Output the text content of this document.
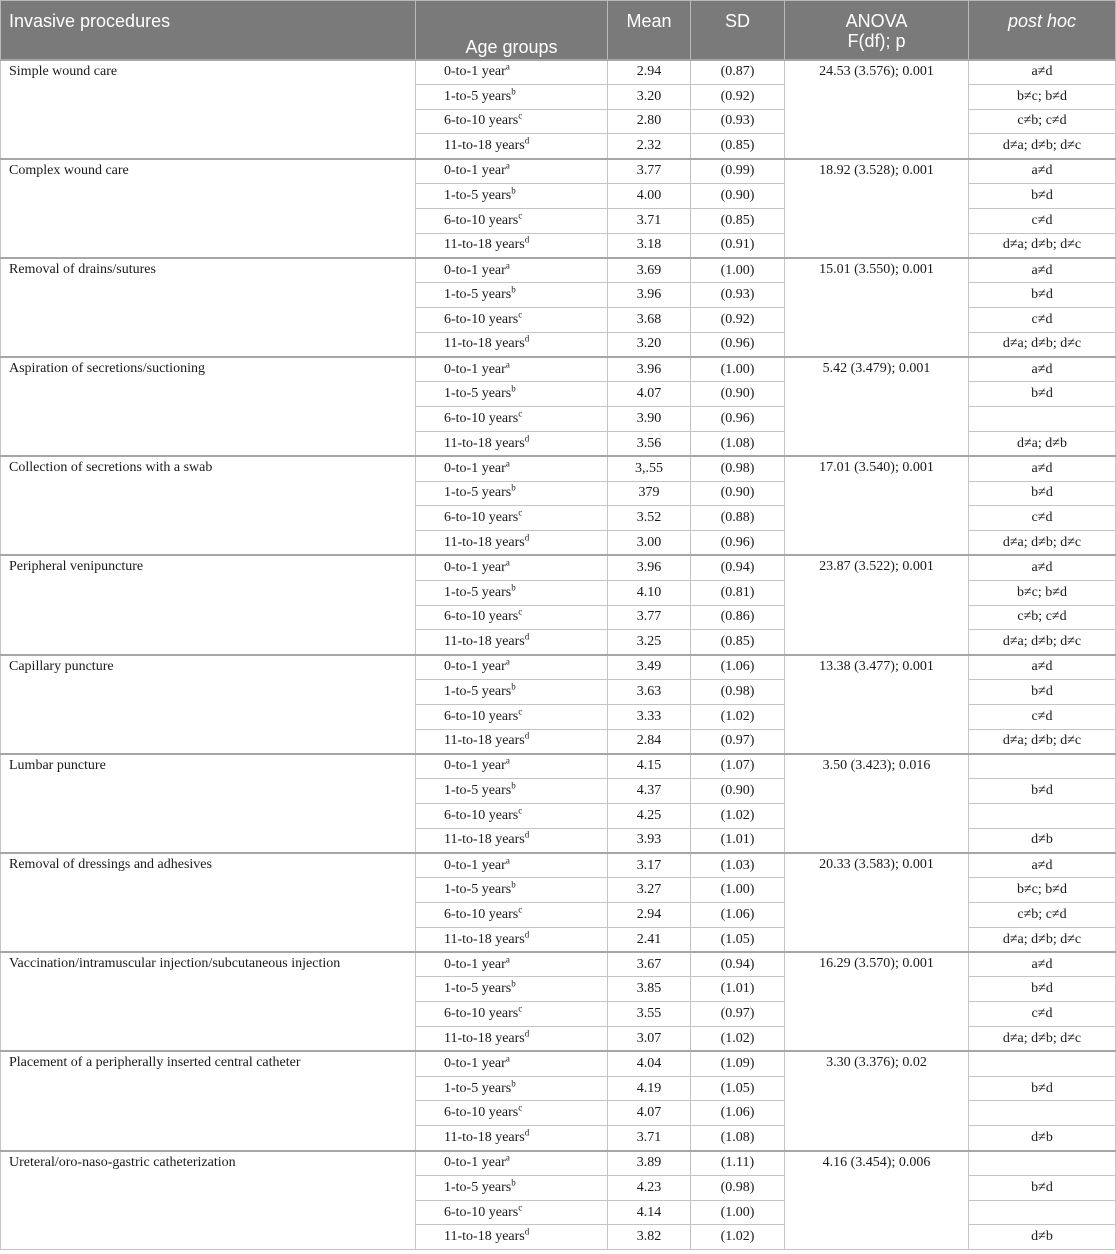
Invasive procedures	Age groups	Mean	SD	ANOVA
F(df); p	post hoc
Simple wound care	0-to-1 year$^a$	2.94	(0.87)	24.53 (3.576); 0.001	a≠d
	1-to-5 years$^b$	3.20	(0.92)		b≠c; b≠d
	6-to-10 years$^c$	2.80	(0.93)		c≠b; c≠d
	11-to-18 years$^d$	2.32	(0.85)		d≠a; d≠b; d≠c
Complex wound care	0-to-1 year$^a$	3.77	(0.99)	18.92 (3.528); 0.001	a≠d
	1-to-5 years$^b$	4.00	(0.90)		b≠d
	6-to-10 years$^c$	3.71	(0.85)		c≠d
	11-to-18 years$^d$	3.18	(0.91)		d≠a; d≠b; d≠c
Removal of drains/sutures	0-to-1 year$^a$	3.69	(1.00)	15.01 (3.550); 0.001	a≠d
	1-to-5 years$^b$	3.96	(0.93)		b≠d
	6-to-10 years$^c$	3.68	(0.92)		c≠d
	11-to-18 years$^d$	3.20	(0.96)		d≠a; d≠b; d≠c
Aspiration of secretions/suctioning	0-to-1 year$^a$	3.96	(1.00)	5.42 (3.479); 0.001	a≠d
	1-to-5 years$^b$	4.07	(0.90)		b≠d
	6-to-10 years$^c$	3.90	(0.96)		
	11-to-18 years$^d$	3.56	(1.08)		d≠a; d≠b
Collection of secretions with a swab	0-to-1 year$^a$	3,.55	(0.98)	17.01 (3.540); 0.001	a≠d
	1-to-5 years$^b$	379	(0.90)		b≠d
	6-to-10 years$^c$	3.52	(0.88)		c≠d
	11-to-18 years$^d$	3.00	(0.96)		d≠a; d≠b; d≠c
Peripheral venipuncture	0-to-1 year$^a$	3.96	(0.94)	23.87 (3.522); 0.001	a≠d
	1-to-5 years$^b$	4.10	(0.81)		b≠c; b≠d
	6-to-10 years$^c$	3.77	(0.86)		c≠b; c≠d
	11-to-18 years$^d$	3.25	(0.85)		d≠a; d≠b; d≠c
Capillary puncture	0-to-1 year$^a$	3.49	(1.06)	13.38 (3.477); 0.001	a≠d
	1-to-5 years$^b$	3.63	(0.98)		b≠d
	6-to-10 years$^c$	3.33	(1.02)		c≠d
	11-to-18 years$^d$	2.84	(0.97)		d≠a; d≠b; d≠c
Lumbar puncture	0-to-1 year$^a$	4.15	(1.07)	3.50 (3.423); 0.016	
	1-to-5 years$^b$	4.37	(0.90)		b≠d
	6-to-10 years$^c$	4.25	(1.02)		
	11-to-18 years$^d$	3.93	(1.01)		d≠b
Removal of dressings and adhesives	0-to-1 year$^a$	3.17	(1.03)	20.33 (3.583); 0.001	a≠d
	1-to-5 years$^b$	3.27	(1.00)		b≠c; b≠d
	6-to-10 years$^c$	2.94	(1.06)		c≠b; c≠d
	11-to-18 years$^d$	2.41	(1.05)		d≠a; d≠b; d≠c
Vaccination/intramuscular injection/subcutaneous injection	0-to-1 year$^a$	3.67	(0.94)	16.29 (3.570); 0.001	a≠d
	1-to-5 years$^b$	3.85	(1.01)		b≠d
	6-to-10 years$^c$	3.55	(0.97)		c≠d
	11-to-18 years$^d$	3.07	(1.02)		d≠a; d≠b; d≠c
Placement of a peripherally inserted central catheter	0-to-1 year$^a$	4.04	(1.09)	3.30 (3.376); 0.02	
	1-to-5 years$^b$	4.19	(1.05)		b≠d
	6-to-10 years$^c$	4.07	(1.06)		
	11-to-18 years$^d$	3.71	(1.08)		d≠b
Ureteral/oro-naso-gastric catheterization	0-to-1 year$^a$	3.89	(1.11)	4.16 (3.454); 0.006	
	1-to-5 years$^b$	4.23	(0.98)		b≠d
	6-to-10 years$^c$	4.14	(1.00)		
	11-to-18 years$^d$	3.82	(1.02)		d≠b
